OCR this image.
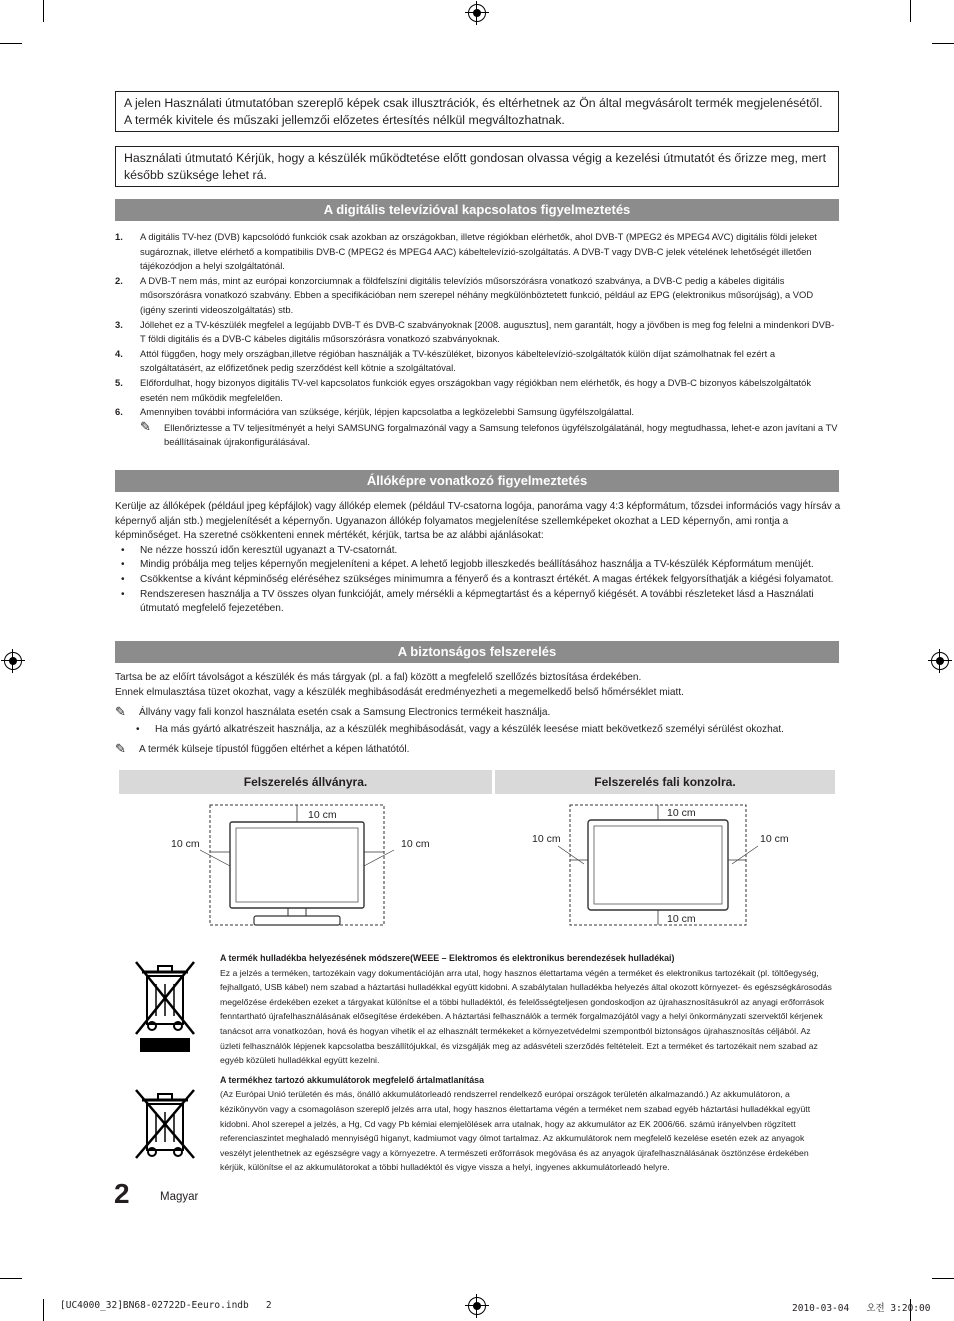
A jelen Használati útmutatóban szereplő képek csak illusztrációk, és eltérhetnek az Ön által megvásárolt termék megjelenésétől. A termék kivitele és műszaki jellemzői előzetes értesítés nélkül megváltozhatnak.
Használati útmutató Kérjük, hogy a készülék működtetése előtt gondosan olvassa végig a kezelési útmutatót és őrizze meg, mert később szüksége lehet rá.
A digitális televízióval kapcsolatos figyelmeztetés
1. A digitális TV-hez (DVB) kapcsolódó funkciók csak azokban az országokban, illetve régiókban elérhetők, ahol DVB-T (MPEG2 és MPEG4 AVC) digitális földi jeleket sugároznak, illetve elérhető a kompatibilis DVB-C (MPEG2 és MPEG4 AAC) kábeltelevízió-szolgáltatás. A DVB-T vagy DVB-C jelek vételének lehetőségét illetően tájékozódjon a helyi szolgáltatónál.
2. A DVB-T nem más, mint az európai konzorciumnak a földfelszíni digitális televíziós műsorszórásra vonatkozó szabványa, a DVB-C pedig a kábeles digitális műsorszórásra vonatkozó szabvány. Ebben a specifikációban nem szerepel néhány megkülönböztetett funkció, például az EPG (elektronikus műsorújság), a VOD (igény szerinti videoszolgáltatás) stb.
3. Jóllehet ez a TV-készülék megfelel a legújabb DVB-T és DVB-C szabványoknak [2008. augusztus], nem garantált, hogy a jövőben is meg fog felelni a mindenkori DVB-T földi digitális és a DVB-C kábeles digitális műsorszórásra vonatkozó szabványoknak.
4. Attól függően, hogy mely országban,illetve régióban használják a TV-készüléket, bizonyos kábeltelevízió-szolgáltatók külön díjat számolhatnak fel ezért a szolgáltatásért, az előfizetőnek pedig szerződést kell kötnie a szolgáltatóval.
5. Előfordulhat, hogy bizonyos digitális TV-vel kapcsolatos funkciók egyes országokban vagy régiókban nem elérhetők, és hogy a DVB-C bizonyos kábelszolgáltatók esetén nem működik megfelelően.
6. Amennyiben további információra van szüksége, kérjük, lépjen kapcsolatba a legközelebbi Samsung ügyfélszolgálattal.
✎ Ellenőriztesse a TV teljesítményét a helyi SAMSUNG forgalmazónál vagy a Samsung telefonos ügyfélszolgálatánál, hogy megtudhassa, lehet-e azon javítani a TV beállításainak újrakonfigurálásával.
Állóképre vonatkozó figyelmeztetés
Kerülje az állóképek (például jpeg képfájlok) vagy állókép elemek (például TV-csatorna logója, panoráma vagy 4:3 képformátum, tőzsdei információs vagy hírsáv a képernyő alján stb.) megjelenítését a képernyőn. Ugyanazon állókép folyamatos megjelenítése szellemképeket okozhat a LED képernyőn, ami rontja a képminőséget. Ha szeretné csökkenteni ennek mértékét, kérjük, tartsa be az alábbi ajánlásokat:
• Ne nézze hosszú időn keresztül ugyanazt a TV-csatornát.
• Mindig próbálja meg teljes képernyőn megjeleníteni a képet. A lehető legjobb illeszkedés beállításához használja a TV-készülék Képformátum menüjét.
• Csökkentse a kívánt képminőség eléréséhez szükséges minimumra a fényerő és a kontraszt értékét. A magas értékek felgyorsíthatják a kiégési folyamatot.
• Rendszeresen használja a TV összes olyan funkcióját, amely mérsékli a képmegtartást és a képernyő kiégését. A további részleteket lásd a Használati útmutató megfelelő fejezetében.
A biztonságos felszerelés
Tartsa be az előírt távolságot a készülék és más tárgyak (pl. a fal) között a megfelelő szellőzés biztosítása érdekében.
Ennek elmulasztása tüzet okozhat, vagy a készülék meghibásodását eredményezheti a megemelkedő belső hőmérséklet miatt.
✎ Állvány vagy fali konzol használata esetén csak a Samsung Electronics termékeit használja.
• Ha más gyártó alkatrészeit használja, az a készülék meghibásodását, vagy a készülék leesése miatt bekövetkező személyi sérülést okozhat.
✎ A termék külseje típustól függően eltérhet a képen láthatótól.
Felszerelés állványra.	Felszerelés fali konzolra.
10 cm
10 cm	10 cm
10 cm
10 cm	10 cm
10 cm
A termék hulladékba helyezésének módszere(WEEE – Elektromos és elektronikus berendezések hulladékai)
Ez a jelzés a terméken, tartozékain vagy dokumentációján arra utal, hogy hasznos élettartama végén a terméket és elektronikus tartozékait (pl. töltőegység, fejhallgató, USB kábel) nem szabad a háztartási hulladékkal együtt kidobni. A szabálytalan hulladékba helyezés által okozott környezet- és egészségkárosodás megelőzése érdekében ezeket a tárgyakat különítse el a többi hulladéktól, és felelősségteljesen gondoskodjon az újrahasznosításukról az anyagi erőforrások fenntartható újrafelhasználásának elősegítése érdekében. A háztartási felhasználók a termék forgalmazójától vagy a helyi önkormányzati szervektől kérjenek tanácsot arra vonatkozóan, hová és hogyan vihetik el az elhasznált termékeket a környezetvédelmi szempontból biztonságos újrahasznosítás céljából. Az üzleti felhasználók lépjenek kapcsolatba beszállítójukkal, és vizsgálják meg az adásvételi szerződés feltételeit. Ezt a terméket és tartozékait nem szabad az egyéb közületi hulladékkal együtt kezelni.
A termékhez tartozó akkumulátorok megfelelő ártalmatlanítása
(Az Európai Unió területén és más, önálló akkumulátorleadó rendszerrel rendelkező európai országok területén alkalmazandó.) Az akkumulátoron, a kézikönyvön vagy a csomagoláson szereplő jelzés arra utal, hogy hasznos élettartama végén a terméket nem szabad egyéb háztartási hulladékkal együtt kidobni. Ahol szerepel a jelzés, a Hg, Cd vagy Pb kémiai elemjelölések arra utalnak, hogy az akkumulátor az EK 2006/66. számú irányelvben rögzített referenciaszintet meghaladó mennyiségű higanyt, kadmiumot vagy ólmot tartalmaz. Az akkumulátorok nem megfelelő kezelése esetén ezek az anyagok veszélyt jelenthetnek az egészségre vagy a környezetre. A természeti erőforrások megóvása és az anyagok újrafelhasználásának ösztönzése érdekében kérjük, különítse el az akkumulátorokat a többi hulladéktól és vigye vissza a helyi, ingyenes akkumulátorleadó helyre.
2	Magyar
[UC4000_32]BN68-02722D-Eeuro.indb   2	2010-03-04   오전 3:20:00
